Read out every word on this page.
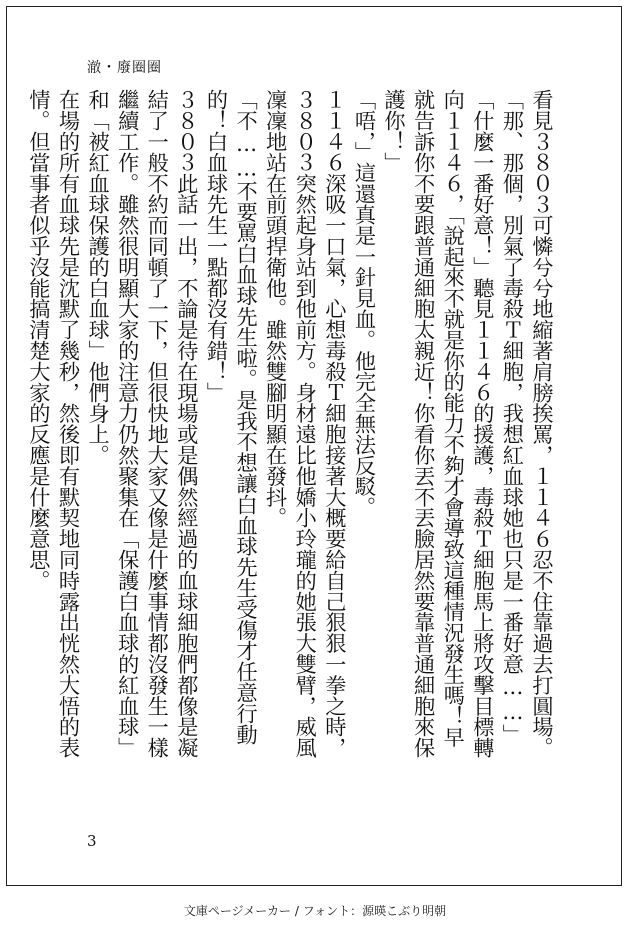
澈・廢圈圈

看見３８０３可憐兮兮地縮著肩膀挨罵，１１４６忍不住靠過去打圓場。

「那、那個，別氣了毒殺Ｔ細胞，我想紅血球她也只是一番好意……」

「什麼一番好意！」聽見１１４６的援護，毒殺Ｔ細胞馬上將攻擊目標轉向１１４６，「說起來不就是你的能力不夠才會導致這種情況發生嗎！早就告訴你不要跟普通細胞太親近！你看你丟不丟臉居然要靠普通細胞來保護你！」

「唔，」這還真是一針見血。他完全無法反駁。

１１４６深吸一口氣，心想毒殺Ｔ細胞接著大概要給自己狠狠一拳之時，３８０３突然起身站到他前方。身材遠比他嬌小玲瓏的她張大雙臂，威風凜凜地站在前頭捍衛他。雖然雙腳明顯在發抖。

「不……不要罵白血球先生啦。是我不想讓白血球先生受傷才任意行動的！白血球先生一點都沒有錯！」

３８０３此話一出，不論是待在現場或是偶然經過的血球細胞們都像是凝結了一般不約而同頓了一下，但很快地大家又像是什麼事情都沒發生一樣繼續工作。雖然很明顯大家的注意力仍然聚集在「保護白血球的紅血球」和「被紅血球保護的白血球」他們身上。

在場的所有血球先是沈默了幾秒，然後即有默契地同時露出恍然大悟的表情。但當事者似乎沒能搞清楚大家的反應是什麼意思。

3
文庫ページメーカー / フォント：源暎こぶり明朝
